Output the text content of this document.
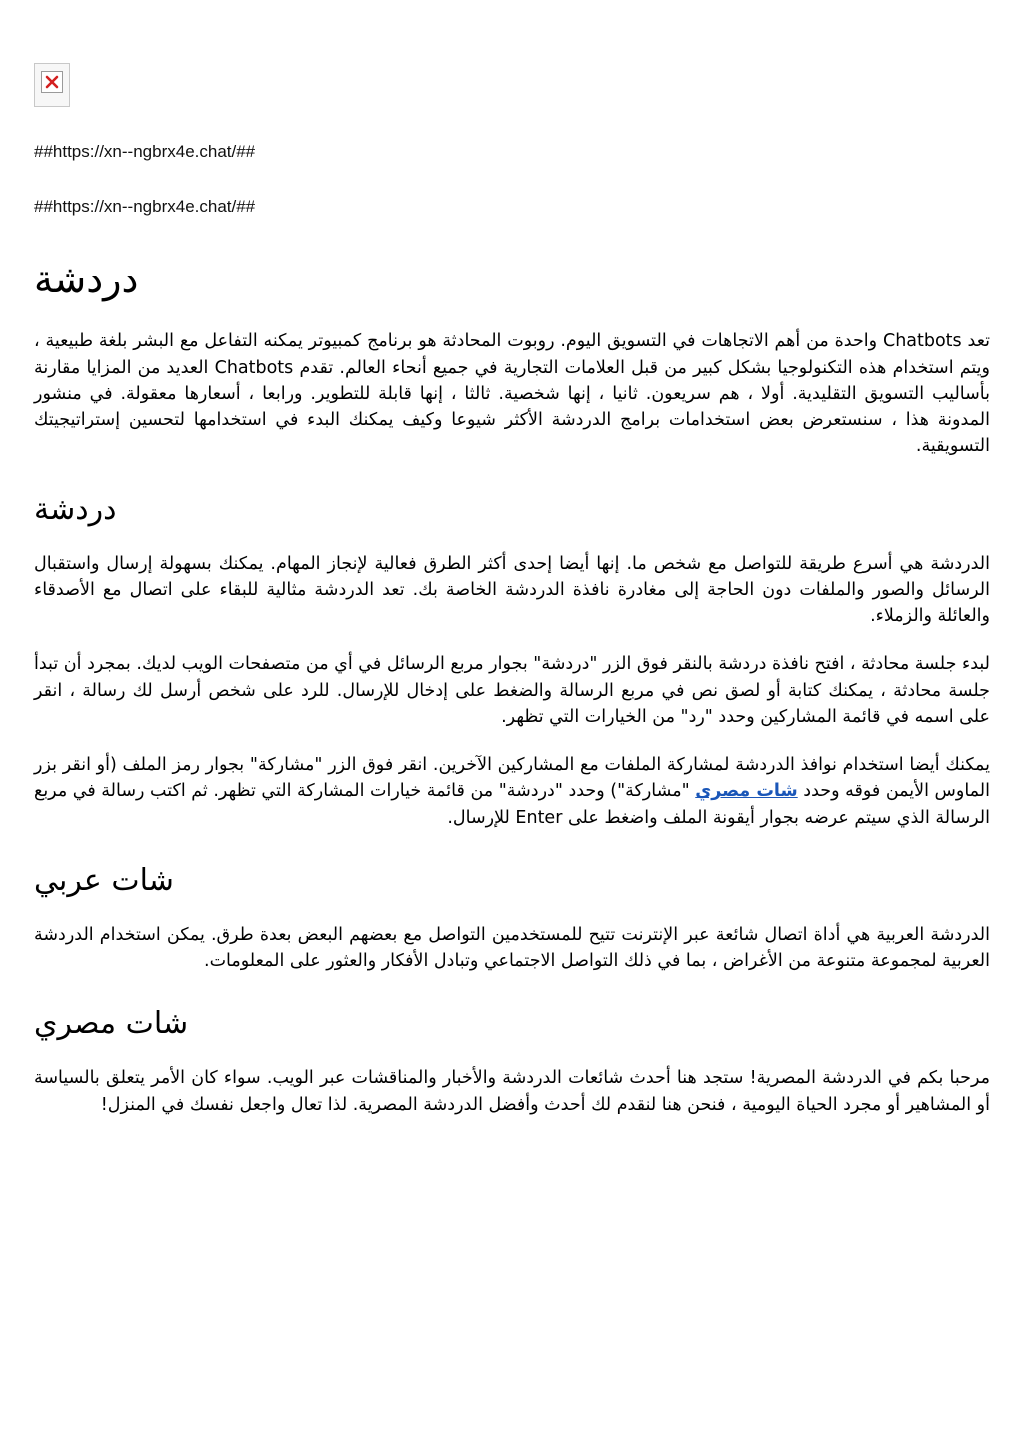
##https://xn--ngbrx4e.chat/##
##https://xn--ngbrx4e.chat/##
دردشة

تعد Chatbots واحدة من أهم الاتجاهات في التسويق اليوم. روبوت المحادثة هو برنامج كمبيوتر يمكنه التفاعل مع البشر بلغة طبيعية ، ويتم استخدام هذه التكنولوجيا بشكل كبير من قبل العلامات التجارية في جميع أنحاء العالم. تقدم Chatbots العديد من المزايا مقارنة بأساليب التسويق التقليدية. أولا ، هم سريعون. ثانيا ، إنها شخصية. ثالثا ، إنها قابلة للتطوير. ورابعا ، أسعارها معقولة. في منشور المدونة هذا ، سنستعرض بعض استخدامات برامج الدردشة الأكثر شيوعا وكيف يمكنك البدء في استخدامها لتحسين إستراتيجيتك التسويقية.

دردشة

الدردشة هي أسرع طريقة للتواصل مع شخص ما. إنها أيضا إحدى أكثر الطرق فعالية لإنجاز المهام. يمكنك بسهولة إرسال واستقبال الرسائل والصور والملفات دون الحاجة إلى مغادرة نافذة الدردشة الخاصة بك. تعد الدردشة مثالية للبقاء على اتصال مع الأصدقاء والعائلة والزملاء.

لبدء جلسة محادثة ، افتح نافذة دردشة بالنقر فوق الزر "دردشة" بجوار مربع الرسائل في أي من متصفحات الويب لديك. بمجرد أن تبدأ جلسة محادثة ، يمكنك كتابة أو لصق نص في مربع الرسالة والضغط على إدخال للإرسال. للرد على شخص أرسل لك رسالة ، انقر على اسمه في قائمة المشاركين وحدد "رد" من الخيارات التي تظهر.

يمكنك أيضا استخدام نوافذ الدردشة لمشاركة الملفات مع المشاركين الآخرين. انقر فوق الزر "مشاركة" بجوار رمز الملف (أو انقر بزر الماوس الأيمن فوقه وحدد شات مصري "مشاركة") وحدد "دردشة" من قائمة خيارات المشاركة التي تظهر. ثم اكتب رسالة في مربع الرسالة الذي سيتم عرضه بجوار أيقونة الملف واضغط على Enter للإرسال.

شات عربي

الدردشة العربية هي أداة اتصال شائعة عبر الإنترنت تتيح للمستخدمين التواصل مع بعضهم البعض بعدة طرق. يمكن استخدام الدردشة العربية لمجموعة متنوعة من الأغراض ، بما في ذلك التواصل الاجتماعي وتبادل الأفكار والعثور على المعلومات.

شات مصري

مرحبا بكم في الدردشة المصرية! ستجد هنا أحدث شائعات الدردشة والأخبار والمناقشات عبر الويب. سواء كان الأمر يتعلق بالسياسة أو المشاهير أو مجرد الحياة اليومية ، فنحن هنا لنقدم لك أحدث وأفضل الدردشة المصرية. لذا تعال واجعل نفسك في المنزل!
